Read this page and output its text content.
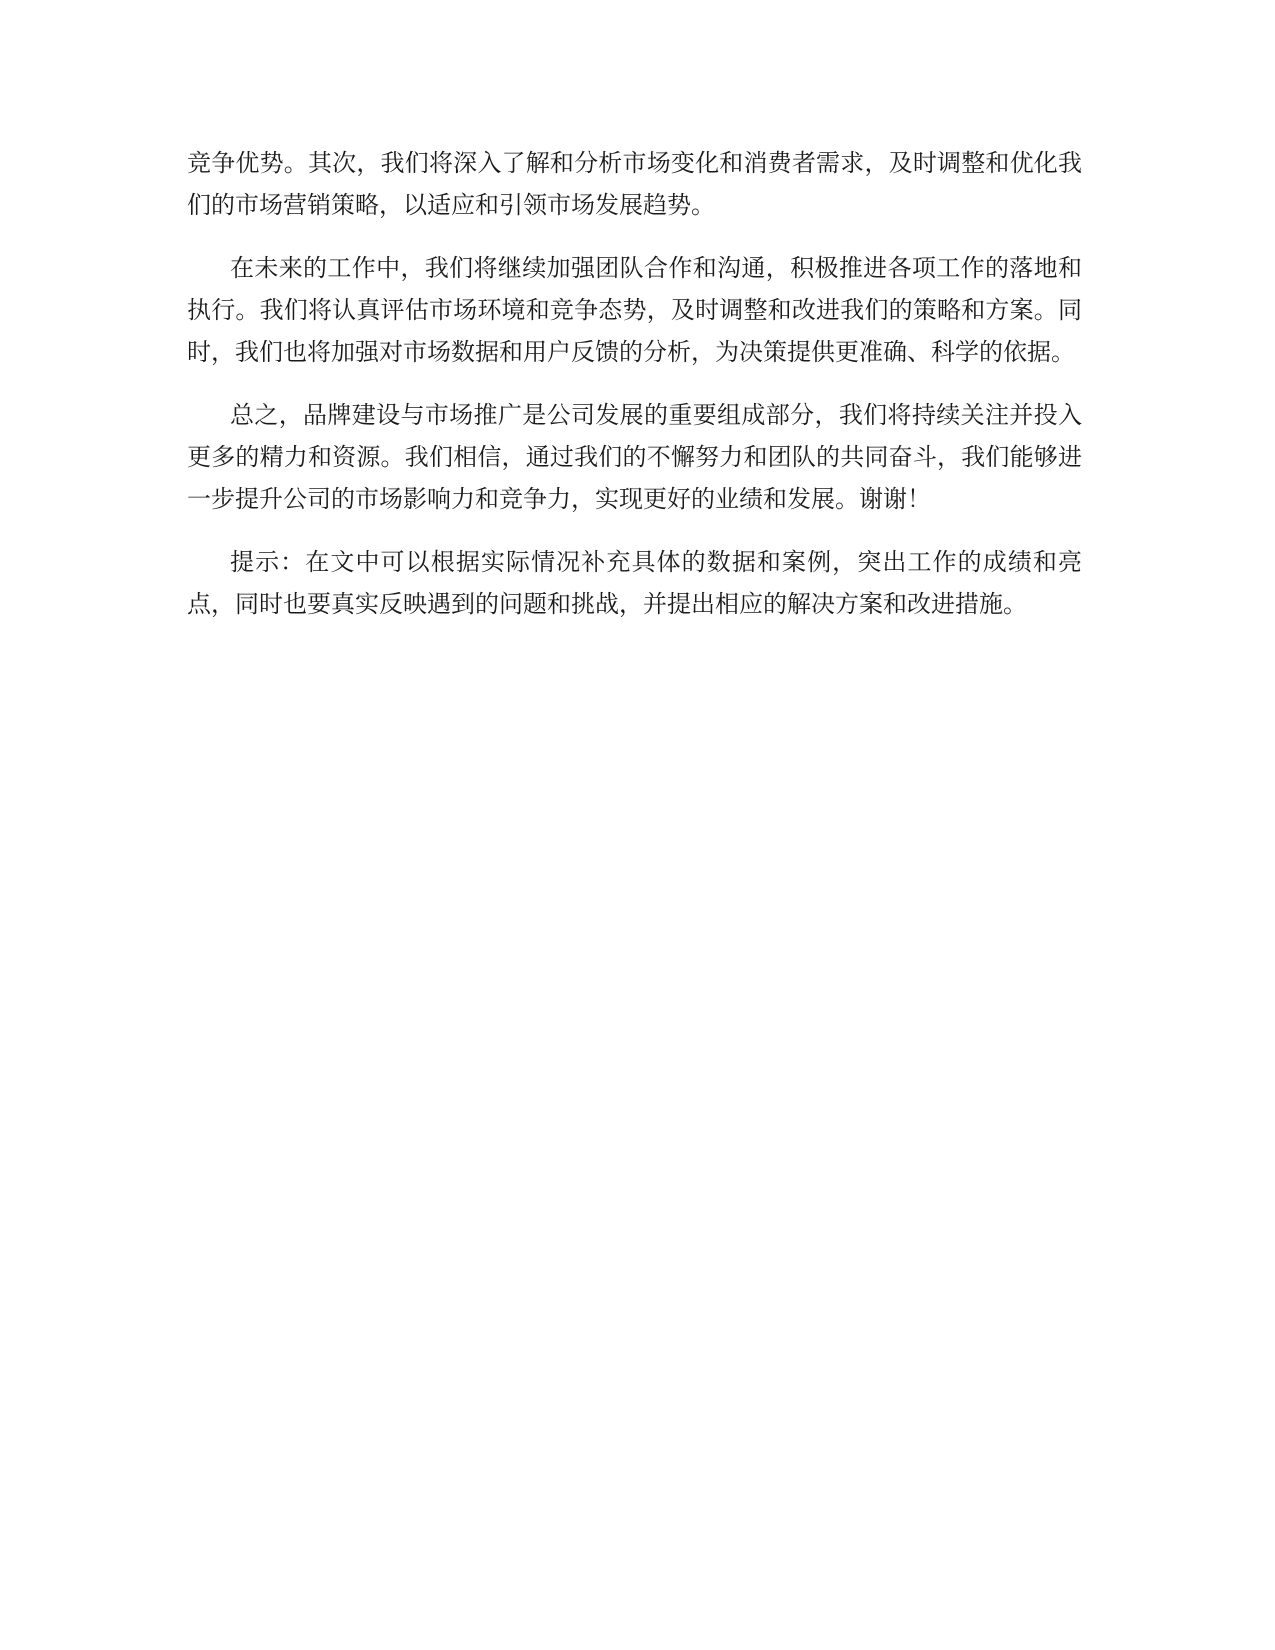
竞争优势。其次，我们将深入了解和分析市场变化和消费者需求，及时调整和优化我们的市场营销策略，以适应和引领市场发展趋势。

在未来的工作中，我们将继续加强团队合作和沟通，积极推进各项工作的落地和执行。我们将认真评估市场环境和竞争态势，及时调整和改进我们的策略和方案。同时，我们也将加强对市场数据和用户反馈的分析，为决策提供更准确、科学的依据。

总之，品牌建设与市场推广是公司发展的重要组成部分，我们将持续关注并投入更多的精力和资源。我们相信，通过我们的不懈努力和团队的共同奋斗，我们能够进一步提升公司的市场影响力和竞争力，实现更好的业绩和发展。谢谢！

提示：在文中可以根据实际情况补充具体的数据和案例，突出工作的成绩和亮点，同时也要真实反映遇到的问题和挑战，并提出相应的解决方案和改进措施。
